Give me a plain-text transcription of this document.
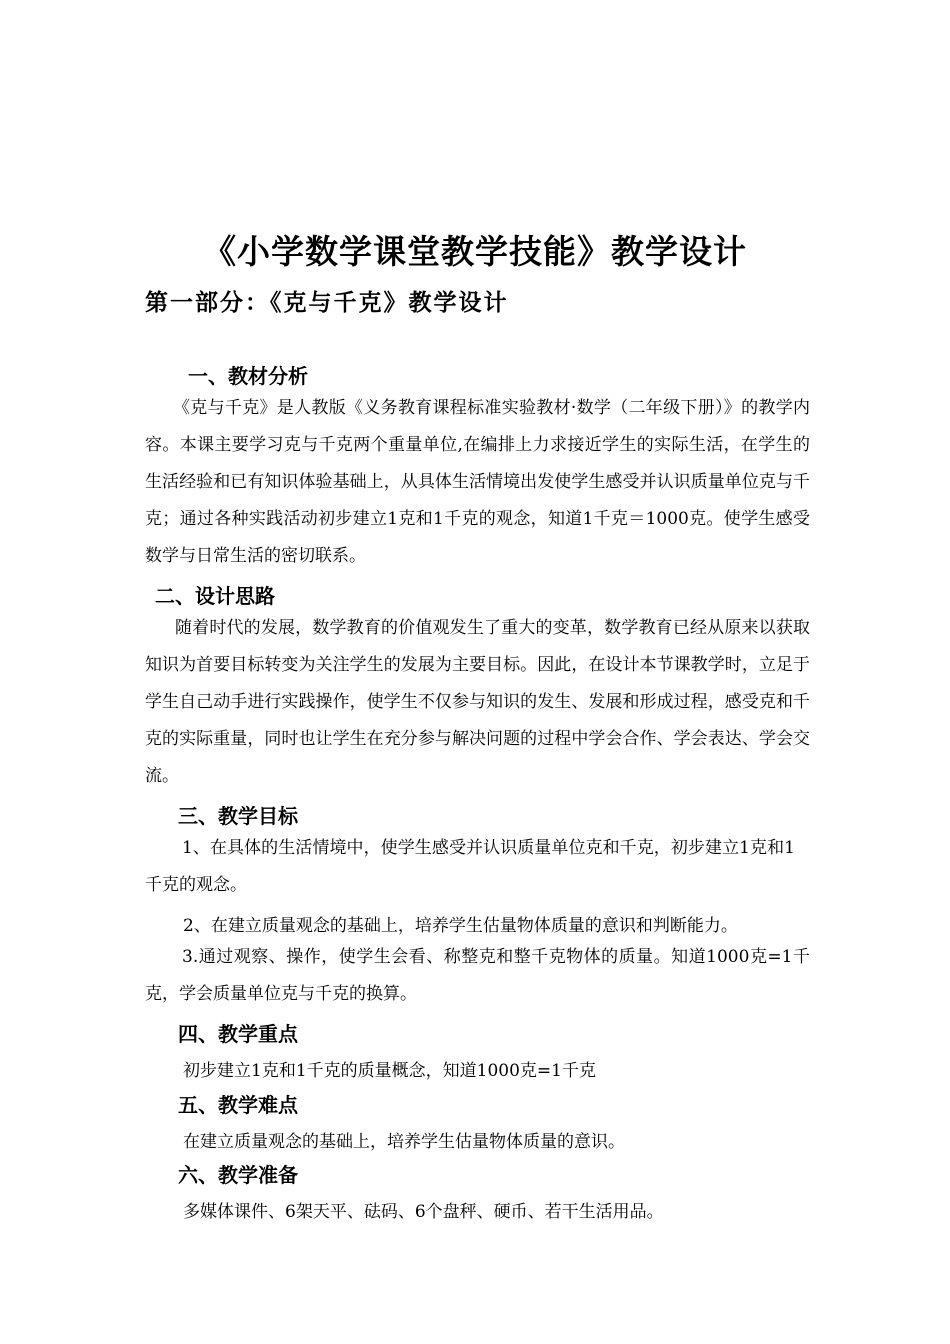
《小学数学课堂教学技能》教学设计
第一部分：《克与千克》教学设计
一、教材分析

《克与千克》是人教版《义务教育课程标准实验教材·数学（二年级下册）》的教学内容。本课主要学习克与千克两个重量单位,在编排上力求接近学生的实际生活，在学生的生活经验和已有知识体验基础上，从具体生活情境出发使学生感受并认识质量单位克与千克；通过各种实践活动初步建立1克和1千克的观念，知道1千克＝1000克。使学生感受数学与日常生活的密切联系。

二、设计思路

随着时代的发展，数学教育的价值观发生了重大的变革，数学教育已经从原来以获取知识为首要目标转变为关注学生的发展为主要目标。因此，在设计本节课教学时，立足于学生自己动手进行实践操作，使学生不仅参与知识的发生、发展和形成过程，感受克和千克的实际重量，同时也让学生在充分参与解决问题的过程中学会合作、学会表达、学会交流。

三、教学目标

1、在具体的生活情境中，使学生感受并认识质量单位克和千克，初步建立1克和1千克的观念。

2、在建立质量观念的基础上，培养学生估量物体质量的意识和判断能力。

3.通过观察、操作，使学生会看、称整克和整千克物体的质量。知道1000克=1千克，学会质量单位克与千克的换算。

四、教学重点

初步建立1克和1千克的质量概念，知道1000克=1千克

五、教学难点

在建立质量观念的基础上，培养学生估量物体质量的意识。

六、教学准备

多媒体课件、6架天平、砝码、6个盘秤、硬币、若干生活用品。
